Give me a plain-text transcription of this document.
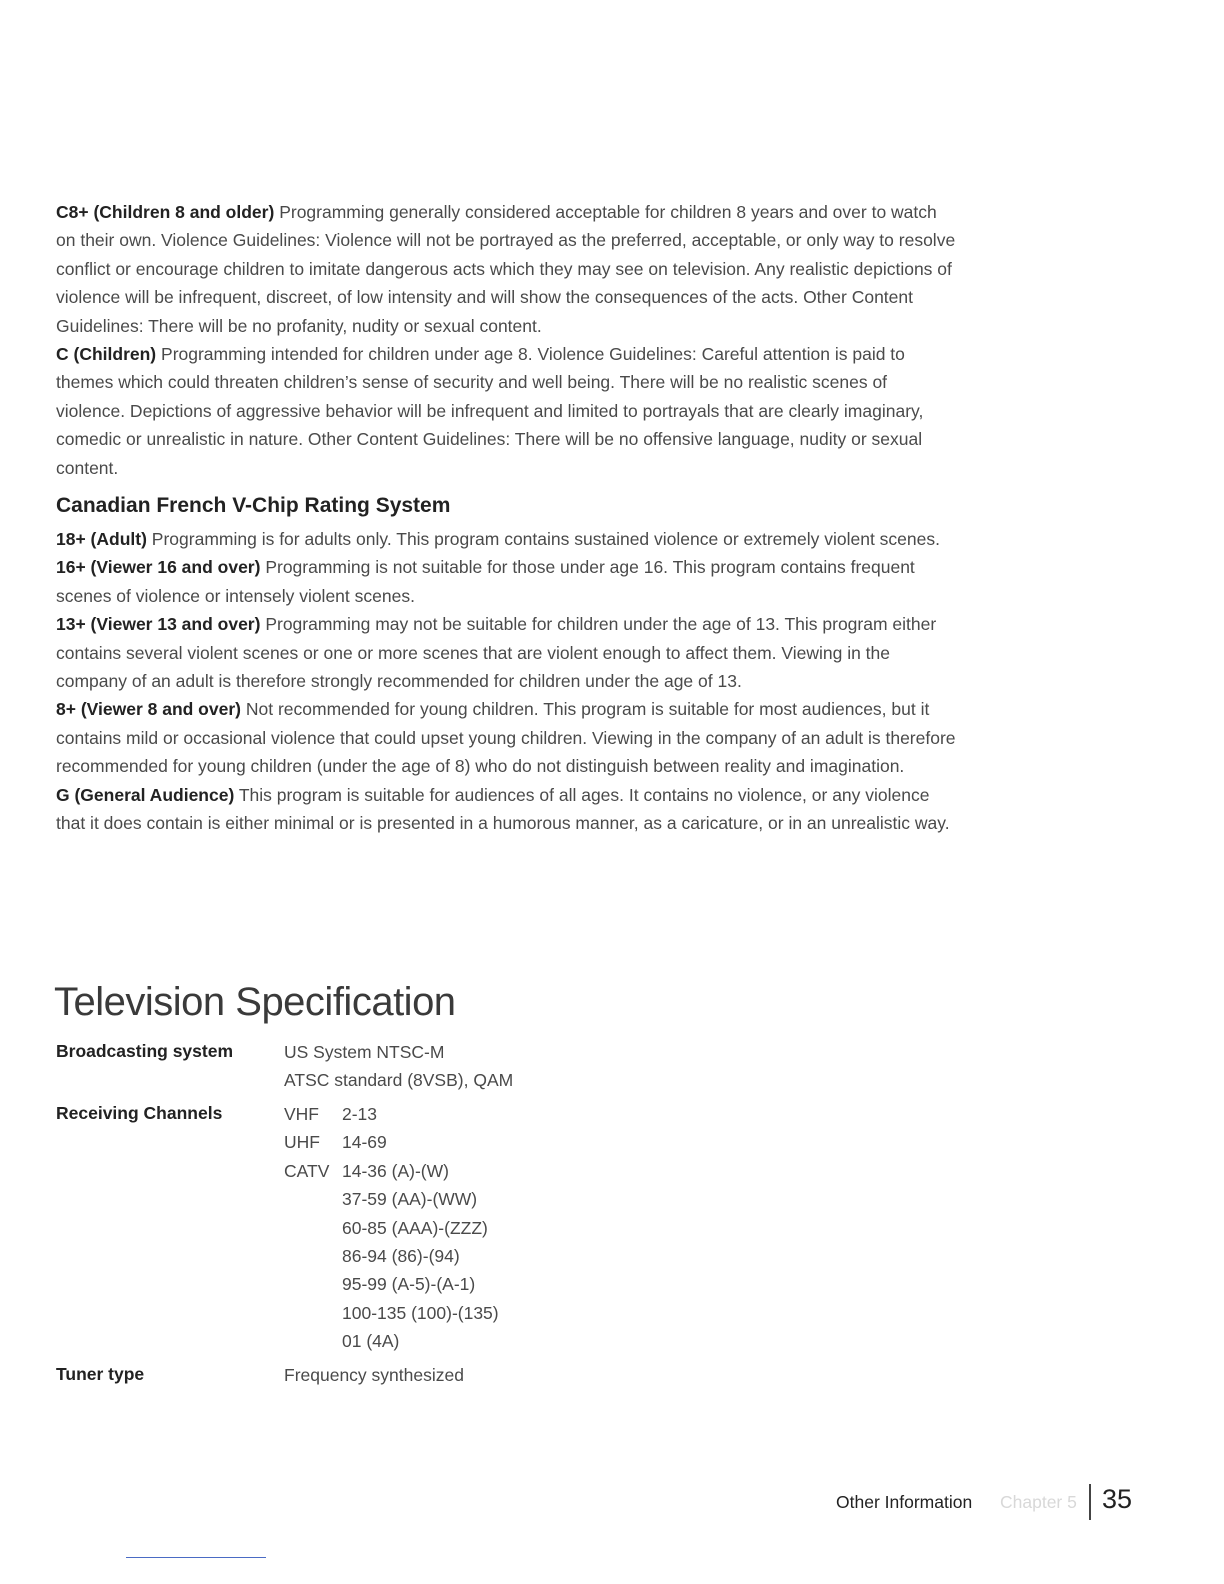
C8+ (Children 8 and older) Programming generally considered acceptable for children 8 years and over to watch on their own. Violence Guidelines: Violence will not be portrayed as the preferred, acceptable, or only way to resolve conflict or encourage children to imitate dangerous acts which they may see on television. Any realistic depictions of violence will be infrequent, discreet, of low intensity and will show the consequences of the acts. Other Content Guidelines: There will be no profanity, nudity or sexual content.
C (Children) Programming intended for children under age 8. Violence Guidelines: Careful attention is paid to themes which could threaten children’s sense of security and well being. There will be no realistic scenes of violence. Depictions of aggressive behavior will be infrequent and limited to portrayals that are clearly imaginary, comedic or unrealistic in nature. Other Content Guidelines: There will be no offensive language, nudity or sexual content.
Canadian French V-Chip Rating System
18+ (Adult) Programming is for adults only. This program contains sustained violence or extremely violent scenes.
16+ (Viewer 16 and over) Programming is not suitable for those under age 16. This program contains frequent scenes of violence or intensely violent scenes.
13+ (Viewer 13 and over) Programming may not be suitable for children under the age of 13. This program either contains several violent scenes or one or more scenes that are violent enough to affect them. Viewing in the company of an adult is therefore strongly recommended for children under the age of 13.
8+ (Viewer 8 and over) Not recommended for young children. This program is suitable for most audiences, but it contains mild or occasional violence that could upset young children. Viewing in the company of an adult is therefore recommended for young children (under the age of 8) who do not distinguish between reality and imagination.
G (General Audience) This program is suitable for audiences of all ages. It contains no violence, or any violence that it does contain is either minimal or is presented in a humorous manner, as a caricature, or in an unrealistic way.
Television Specification
Broadcasting system	US System NTSC-M
ATSC standard (8VSB), QAM
Receiving Channels	VHF	2-13
UHF	14-69
CATV 14-36 (A)-(W)
37-59 (AA)-(WW)
60-85 (AAA)-(ZZZ)
86-94 (86)-(94)
95-99 (A-5)-(A-1)
100-135 (100)-(135)
01 (4A)
Tuner type	Frequency synthesized
Other Information Chapter 5 35
